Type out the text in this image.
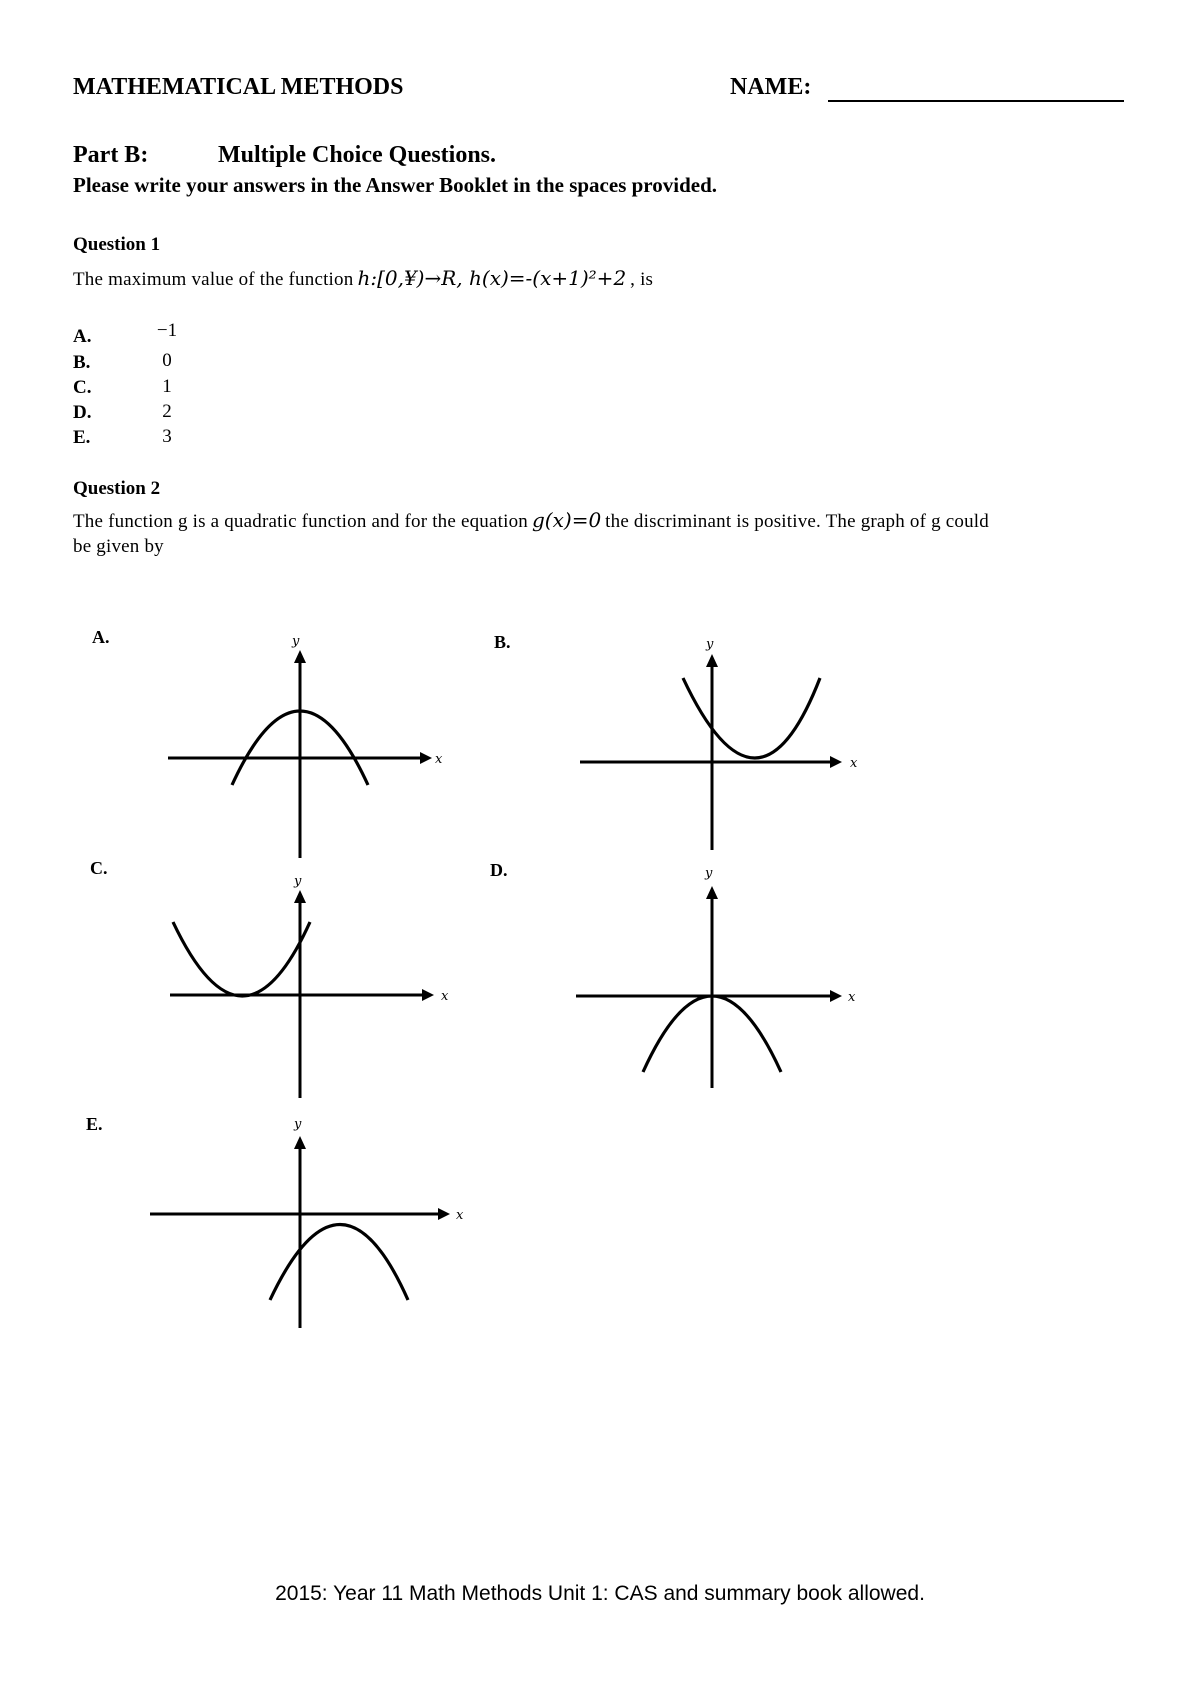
MATHEMATICAL METHODS	NAME:
Part B:	Multiple Choice Questions.
Please write your answers in the Answer Booklet in the spaces provided.
Question 1
The maximum value of the function h:[0,¥)→R, h(x)=-(x+1)²+2 , is
A.	−1
B.	0
C.	1
D.	2
E.	3
Question 2
The function g is a quadratic function and for the equation g(x)=0 the discriminant is positive. The graph of g could
be given by
A.	B.
C.	D.
E.
x
y
x
y
x
y
x
y
x
y
2015: Year 11 Math Methods Unit 1: CAS and summary book allowed.
